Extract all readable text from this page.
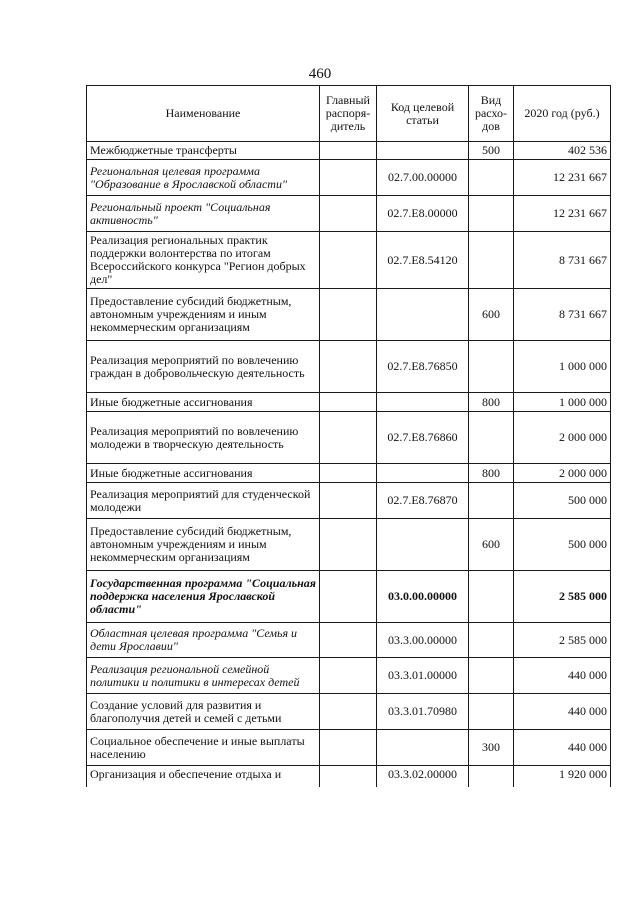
460
Наименование	Главный распоря-дитель	Код целевой статьи	Вид расхо-дов	2020 год (руб.)
Межбюджетные трансферты			500	402 536
Региональная целевая программа "Образование в Ярославской области"		02.7.00.00000		12 231 667
Региональный проект "Социальная активность"		02.7.E8.00000		12 231 667
Реализация региональных практик поддержки волонтерства по итогам Всероссийского конкурса "Регион добрых дел"		02.7.E8.54120		8 731 667
Предоставление субсидий бюджетным, автономным учреждениям и иным некоммерческим организациям			600	8 731 667
Реализация мероприятий по вовлечению граждан в добровольческую деятельность		02.7.E8.76850		1 000 000
Иные бюджетные ассигнования			800	1 000 000
Реализация мероприятий по вовлечению молодежи в творческую деятельность		02.7.E8.76860		2 000 000
Иные бюджетные ассигнования			800	2 000 000
Реализация мероприятий для студенческой молодежи		02.7.E8.76870		500 000
Предоставление субсидий бюджетным, автономным учреждениям и иным некоммерческим организациям			600	500 000
Государственная программа "Социальная поддержка населения Ярославской области"		03.0.00.00000		2 585 000
Областная целевая программа "Семья и дети Ярославии"		03.3.00.00000		2 585 000
Реализация региональной семейной политики и политики в интересах детей		03.3.01.00000		440 000
Создание условий для развития и благополучия детей и семей с детьми		03.3.01.70980		440 000
Социальное обеспечение и иные выплаты населению			300	440 000
Организация и обеспечение отдыха и		03.3.02.00000		1 920 000
